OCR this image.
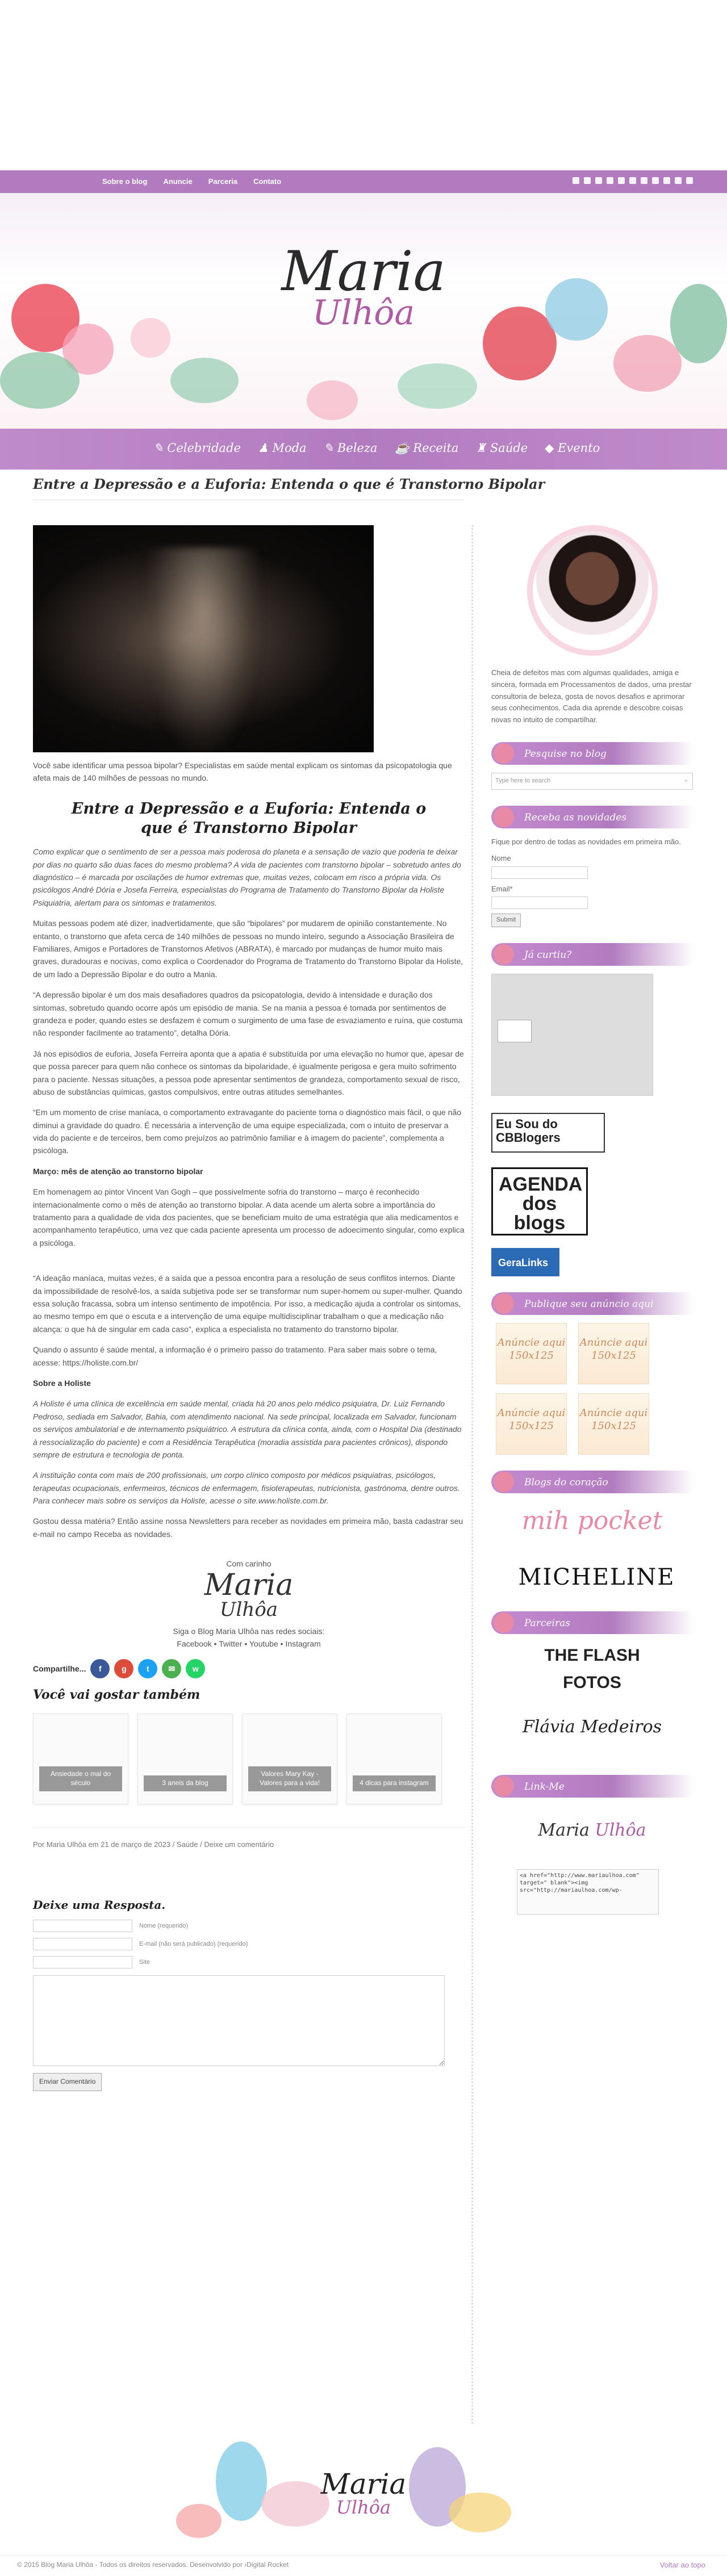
Sobre o blog Anuncie Parceria Contato
Maria
Ulhôa
✎ Celebridade ♟ Moda ✎ Beleza ☕ Receita ♜ Saúde ◆ Evento
Entre a Depressão e a Euforia: Entenda o que é Transtorno Bipolar

Você sabe identificar uma pessoa bipolar? Especialistas em saúde mental explicam os sintomas da psicopatologia que afeta mais de 140 milhões de pessoas no mundo.

Entre a Depressão e a Euforia: Entenda o que é Transtorno Bipolar

Como explicar que o sentimento de ser a pessoa mais poderosa do planeta e a sensação de vazio que poderia te deixar por dias no quarto são duas faces do mesmo problema? A vida de pacientes com transtorno bipolar – sobretudo antes do diagnóstico – é marcada por oscilações de humor extremas que, muitas vezes, colocam em risco a própria vida. Os psicólogos André Dória e Josefa Ferreira, especialistas do Programa de Tratamento do Transtorno Bipolar da Holiste Psiquiatria, alertam para os sintomas e tratamentos.

Muitas pessoas podem até dizer, inadvertidamente, que são “bipolares” por mudarem de opinião constantemente. No entanto, o transtorno que afeta cerca de 140 milhões de pessoas no mundo inteiro, segundo a Associação Brasileira de Familiares, Amigos e Portadores de Transtornos Afetivos (ABRATA), é marcado por mudanças de humor muito mais graves, duradouras e nocivas, como explica o Coordenador do Programa de Tratamento do Transtorno Bipolar da Holiste, de um lado a Depressão Bipolar e do outro a Mania.

“A depressão bipolar é um dos mais desafiadores quadros da psicopatologia, devido à intensidade e duração dos sintomas, sobretudo quando ocorre após um episódio de mania. Se na mania a pessoa é tomada por sentimentos de grandeza e poder, quando estes se desfazem é comum o surgimento de uma fase de esvaziamento e ruína, que costuma não responder facilmente ao tratamento”, detalha Dória.

Já nos episódios de euforia, Josefa Ferreira aponta que a apatia é substituída por uma elevação no humor que, apesar de que possa parecer para quem não conhece os sintomas da bipolaridade, é igualmente perigosa e gera muito sofrimento para o paciente. Nessas situações, a pessoa pode apresentar sentimentos de grandeza, comportamento sexual de risco, abuso de substâncias químicas, gastos compulsivos, entre outras atitudes semelhantes.

“Em um momento de crise maníaca, o comportamento extravagante do paciente torna o diagnóstico mais fácil, o que não diminui a gravidade do quadro. É necessária a intervenção de uma equipe especializada, com o intuito de preservar a vida do paciente e de terceiros, bem como prejuízos ao patrimônio familiar e à imagem do paciente”, complementa a psicóloga.

Março: mês de atenção ao transtorno bipolar

Em homenagem ao pintor Vincent Van Gogh – que possivelmente sofria do transtorno – março é reconhecido internacionalmente como o mês de atenção ao transtorno bipolar. A data acende um alerta sobre a importância do tratamento para a qualidade de vida dos pacientes, que se beneficiam muito de uma estratégia que alia medicamentos e acompanhamento terapêutico, uma vez que cada paciente apresenta um processo de adoecimento singular, como explica a psicóloga.

“A ideação maníaca, muitas vezes, é a saída que a pessoa encontra para a resolução de seus conflitos internos. Diante da impossibilidade de resolvê-los, a saída subjetiva pode ser se transformar num super-homem ou super-mulher. Quando essa solução fracassa, sobra um intenso sentimento de impotência. Por isso, a medicação ajuda a controlar os sintomas, ao mesmo tempo em que o escuta e a intervenção de uma equipe multidisciplinar trabalham o que a medicação não alcança: o que há de singular em cada caso”, explica a especialista no tratamento do transtorno bipolar.

Quando o assunto é saúde mental, a informação é o primeiro passo do tratamento. Para saber mais sobre o tema, acesse: https://holiste.com.br/

Sobre a Holiste

A Holiste é uma clínica de excelência em saúde mental, criada há 20 anos pelo médico psiquiatra, Dr. Luiz Fernando Pedroso, sediada em Salvador, Bahia, com atendimento nacional. Na sede principal, localizada em Salvador, funcionam os serviços ambulatorial e de internamento psiquiátrico. A estrutura da clínica conta, ainda, com o Hospital Dia (destinado à ressocialização do paciente) e com a Residência Terapêutica (moradia assistida para pacientes crônicos), dispondo sempre de estrutura e tecnologia de ponta.

A instituição conta com mais de 200 profissionais, um corpo clínico composto por médicos psiquiatras, psicólogos, terapeutas ocupacionais, enfermeiros, técnicos de enfermagem, fisioterapeutas, nutricionista, gastrónoma, dentre outros. Para conhecer mais sobre os serviços da Holiste, acesse o site.www.holiste.com.br.

Gostou dessa matéria? Então assine nossa Newsletters para receber as novidades em primeira mão, basta cadastrar seu e-mail no campo Receba as novidades.

Com carinho
Maria
Ulhôa
Siga o Blog Maria Ulhôa nas redes sociais:
Facebook • Twitter • Youtube • Instagram
Compartilhe...	f	g	t	✉	w
Você vai gostar também
Ansiedade o mal do século	3 aneis da blog
Valores Mary Kay - Valores para a vida!	4 dicas para instagram
Por Maria Ulhôa em 21 de março de 2023 / Saúde / Deixe um comentário
Deixe uma Resposta.
Nome (requerido)
E-mail (não será publicado) (requerido)
Site
Enviar Comentário

Cheia de defeitos mas com algumas qualidades, amiga e sincera, formada em Processamentos de dados, uma prestar consultoria de beleza, gosta de novos desafios e aprimorar seus conhecimentos. Cada dia aprende e descobre coisas novas no intuito de compartilhar.

Pesquise no blog
Type here to search	⌕
Receba as novidades

Fique por dentro de todas as novidades em primeira mão.

Nome
Email*
Submit
Já curtiu?
Eu Sou do CBBlogers
AGENDA dos blogs
GeraLinks
Publique seu anúncio aqui
Anúncie aqui 150x125
Anúncie aqui 150x125
Anúncie aqui 150x125
Anúncie aqui 150x125
Blogs do coração
mih pocket
MICHELINE
Parceiras
THE FLASH FOTOS
Flávia Medeiros
Link-Me
Maria Ulhôa
<a href="http://www.mariaulhoa.com" target=" blank"><img src="http://mariaulhoa.com/wp-
Maria
Ulhôa
© 2015 Blog Maria Ulhôa - Todos os direitos reservados. Desenvolvido por ›Digital Rocket	Voltar ao topo
